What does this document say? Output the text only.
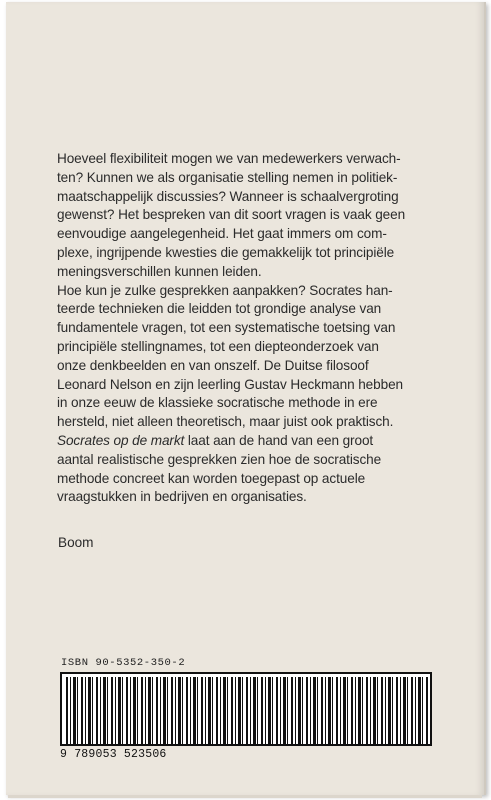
Hoeveel flexibiliteit mogen we van medewerkers verwach-
ten? Kunnen we als organisatie stelling nemen in politiek-
maatschappelijk discussies? Wanneer is schaalvergroting
gewenst? Het bespreken van dit soort vragen is vaak geen
eenvoudige aangelegenheid. Het gaat immers om com-
plexe, ingrijpende kwesties die gemakkelijk tot principiële
meningsverschillen kunnen leiden.
Hoe kun je zulke gesprekken aanpakken? Socrates han-
teerde technieken die leidden tot grondige analyse van
fundamentele vragen, tot een systematische toetsing van
principiële stellingnames, tot een diepteonderzoek van
onze denkbeelden en van onszelf. De Duitse filosoof
Leonard Nelson en zijn leerling Gustav Heckmann hebben
in onze eeuw de klassieke socratische methode in ere
hersteld, niet alleen theoretisch, maar juist ook praktisch.
Socrates op de markt laat aan de hand van een groot
aantal realistische gesprekken zien hoe de socratische
methode concreet kan worden toegepast op actuele
vraagstukken in bedrijven en organisaties.
Boom
ISBN 90-5352-350-2
9 789053 523506
